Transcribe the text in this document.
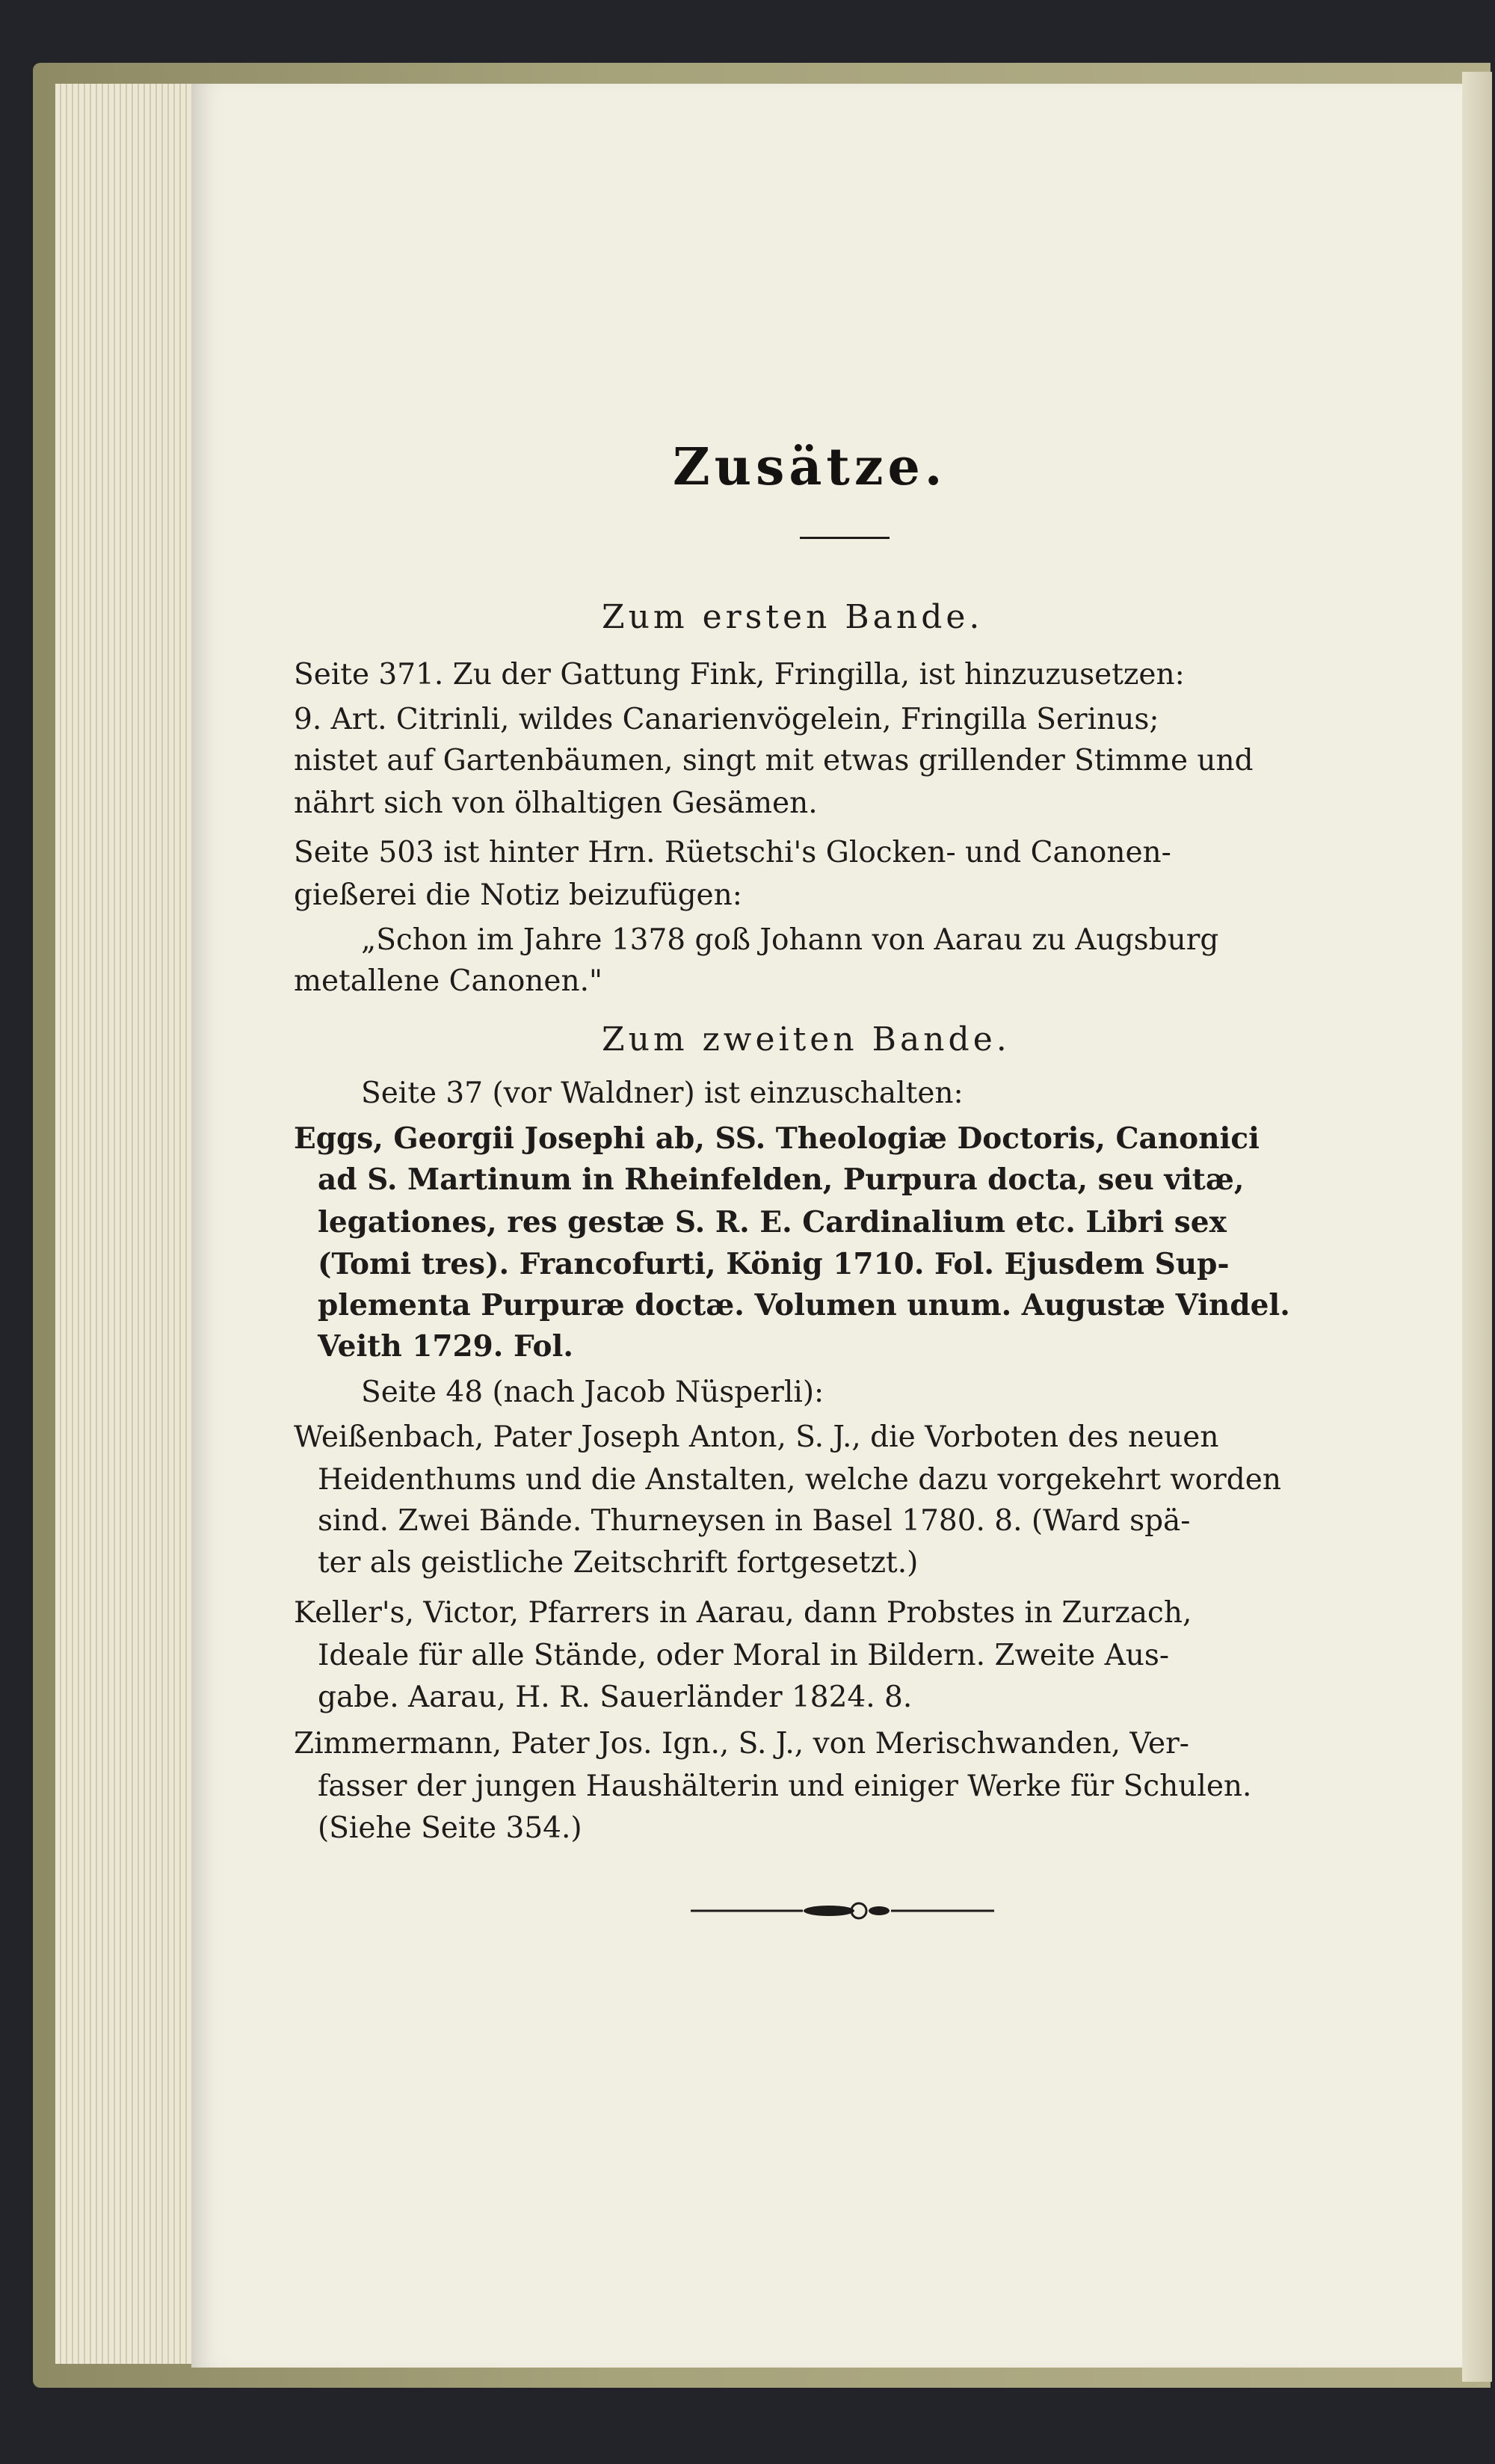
Zusätze.
Zum ersten Bande.
Seite 371. Zu der Gattung Fink, Fringilla, ist hinzuzusetzen:
9. Art. Citrinli, wildes Canarienvögelein, Fringilla Serinus;
nistet auf Gartenbäumen, singt mit etwas grillender Stimme und
nährt sich von ölhaltigen Gesämen.
Seite 503 ist hinter Hrn. Rüetschi's Glocken- und Canonen-
gießerei die Notiz beizufügen:
„Schon im Jahre 1378 goß Johann von Aarau zu Augsburg
metallene Canonen."
Zum zweiten Bande.
Seite 37 (vor Waldner) ist einzuschalten:
Eggs, Georgii Josephi ab, SS. Theologiæ Doctoris, Canonici
ad S. Martinum in Rheinfelden, Purpura docta, seu vitæ,
legationes, res gestæ S. R. E. Cardinalium etc. Libri sex
(Tomi tres). Francofurti, König 1710. Fol. Ejusdem Sup-
plementa Purpuræ doctæ. Volumen unum. Augustæ Vindel.
Veith 1729. Fol.
Seite 48 (nach Jacob Nüsperli):
Weißenbach, Pater Joseph Anton, S. J., die Vorboten des neuen
Heidenthums und die Anstalten, welche dazu vorgekehrt worden
sind. Zwei Bände. Thurneysen in Basel 1780. 8. (Ward spä-
ter als geistliche Zeitschrift fortgesetzt.)
Keller's, Victor, Pfarrers in Aarau, dann Probstes in Zurzach,
Ideale für alle Stände, oder Moral in Bildern. Zweite Aus-
gabe. Aarau, H. R. Sauerländer 1824. 8.
Zimmermann, Pater Jos. Ign., S. J., von Merischwanden, Ver-
fasser der jungen Haushälterin und einiger Werke für Schulen.
(Siehe Seite 354.)
